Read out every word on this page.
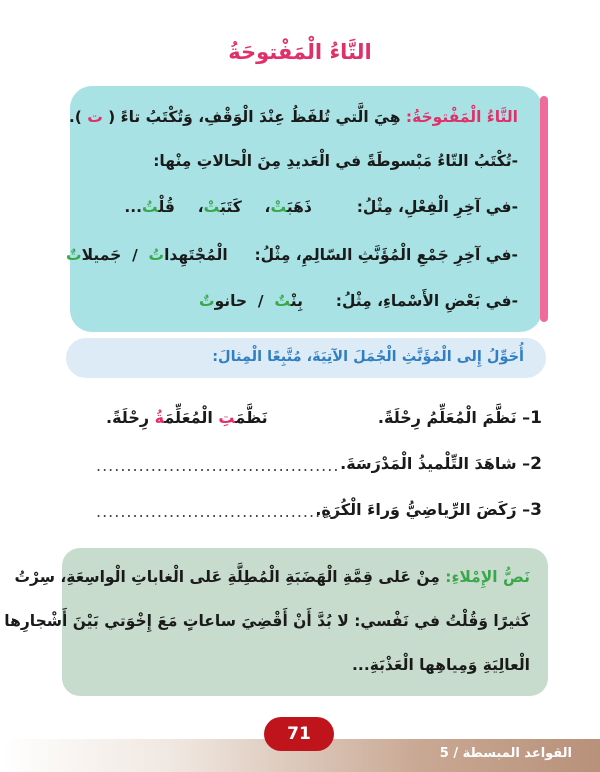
التَّاءُ الْمَفْتوحَةُ
التَّاءُ الْمَفْتوحَةُ: هِيَ الَّتي تُلفَظُ عِنْدَ الْوَقْفِ، وَتُكْتَبُ تاءً ( ت ).
-تُكْتَبُ التّاءُ مَبْسوطَةً في الْعَديدِ مِنَ الْحالاتِ مِنْها:
-في آخِرِ الْفِعْلِ، مِثْلُ:  ذَهَبَتْ،  كَتَبَتْ،  قُلْتُ...
-في آخِرِ جَمْعِ الْمُؤَنَّثِ السّالِمِ، مِثْلُ:  الْمُجْتَهِداتُ  /  جَميلاتٌ
-في بَعْضِ الأَسْماءِ، مِثْلُ:  بِنْتٌ  /  حانوتٌ
أُحَوِّلُ إِلى الْمُؤَنَّثِ الْجُمَلَ الآتِيَةَ، مُتَّبِعًا الْمِثالَ:
1– نَظَّمَ الْمُعَلِّمُ رِحْلَةً.
نَظَّمَتِ الْمُعَلِّمَةُ رِحْلَةً.
2– شاهَدَ التِّلْميذُ الْمَدْرَسَةَ.
........................................
3– رَكَضَ الرِّياضِيُّ وَراءَ الْكُرَةِ.
........................................
نَصُّ الإِمْلاءِ: مِنْ عَلى قِمَّةِ الْهَضَبَةِ الْمُطِلَّةِ عَلى الْغاباتِ الْواسِعَةِ، سِرْتُ
كَثيرًا وَقُلْتُ في نَفْسي: لا بُدَّ أَنْ أَقْضِيَ ساعاتٍ مَعَ إِخْوَتي بَيْنَ أَشْجارِها
الْعالِيَةِ وَمِياهِها الْعَذْبَةِ...
القواعد المبسطة / 5
71
